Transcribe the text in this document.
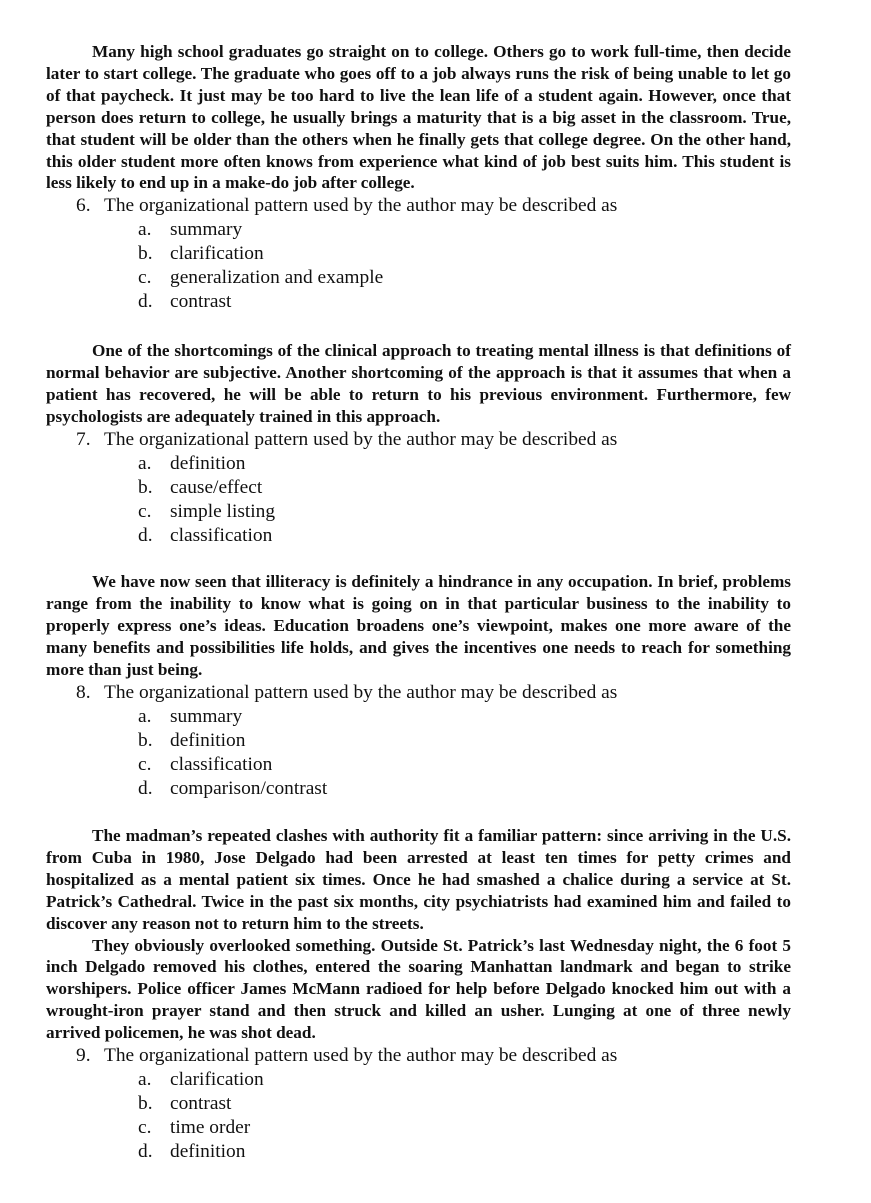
Many high school graduates go straight on to college. Others go to work full-time, then decide later to start college. The graduate who goes off to a job always runs the risk of being unable to let go of that paycheck. It just may be too hard to live the lean life of a student again. However, once that person does return to college, he usually brings a maturity that is a big asset in the classroom. True, that student will be older than the others when he finally gets that college degree. On the other hand, this older student more often knows from experience what kind of job best suits him. This student is less likely to end up in a make-do job after college.

6. The organizational pattern used by the author may be described as
a. summary
b. clarification
c. generalization and example
d. contrast

One of the shortcomings of the clinical approach to treating mental illness is that definitions of normal behavior are subjective. Another shortcoming of the approach is that it assumes that when a patient has recovered, he will be able to return to his previous environment. Furthermore, few psychologists are adequately trained in this approach.

7. The organizational pattern used by the author may be described as
a. definition
b. cause/effect
c. simple listing
d. classification

We have now seen that illiteracy is definitely a hindrance in any occupation. In brief, problems range from the inability to know what is going on in that particular business to the inability to properly express one’s ideas. Education broadens one’s viewpoint, makes one more aware of the many benefits and possibilities life holds, and gives the incentives one needs to reach for something more than just being.

8. The organizational pattern used by the author may be described as
a. summary
b. definition
c. classification
d. comparison/contrast

The madman’s repeated clashes with authority fit a familiar pattern: since arriving in the U.S. from Cuba in 1980, Jose Delgado had been arrested at least ten times for petty crimes and hospitalized as a mental patient six times. Once he had smashed a chalice during a service at St. Patrick’s Cathedral. Twice in the past six months, city psychiatrists had examined him and failed to discover any reason not to return him to the streets.

They obviously overlooked something. Outside St. Patrick’s last Wednesday night, the 6 foot 5 inch Delgado removed his clothes, entered the soaring Manhattan landmark and began to strike worshipers. Police officer James McMann radioed for help before Delgado knocked him out with a wrought-iron prayer stand and then struck and killed an usher. Lunging at one of three newly arrived policemen, he was shot dead.

9. The organizational pattern used by the author may be described as
a. clarification
b. contrast
c. time order
d. definition
